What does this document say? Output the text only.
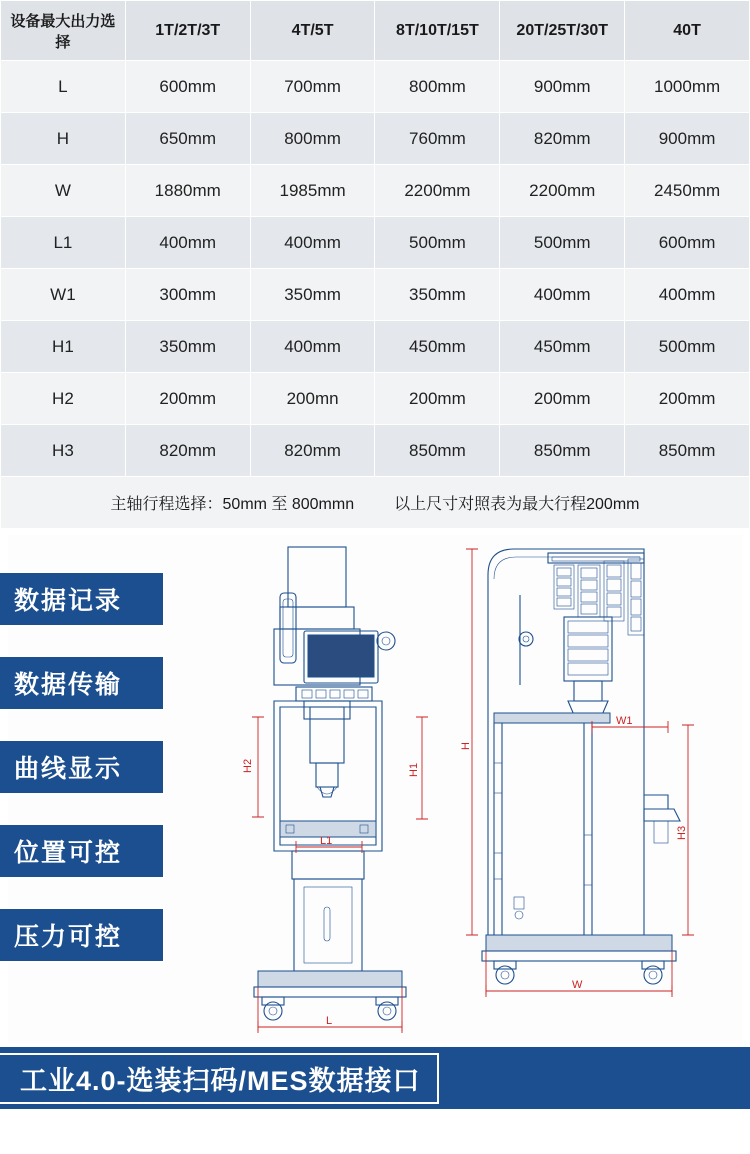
设备最大出力选择	1T/2T/3T	4T/5T	8T/10T/15T	20T/25T/30T	40T
L	600mm	700mm	800mm	900mm	1000mm
H	650mm	800mm	760mm	820mm	900mm
W	1880mm	1985mm	2200mm	2200mm	2450mm
L1	400mm	400mm	500mm	500mm	600mm
W1	300mm	350mm	350mm	400mm	400mm
H1	350mm	400mm	450mm	450mm	500mm
H2	200mm	200mn	200mm	200mm	200mm
H3	820mm	820mm	850mm	850mm	850mm

主轴行程选择：50mm 至 800mmn 以上尺寸对照表为最大行程200mm					
H2	H1
L1
L
H
W1
H3
W
数据记录
数据传输
曲线显示
位置可控
压力可控
工业4.0-选装扫码/MES数据接口
